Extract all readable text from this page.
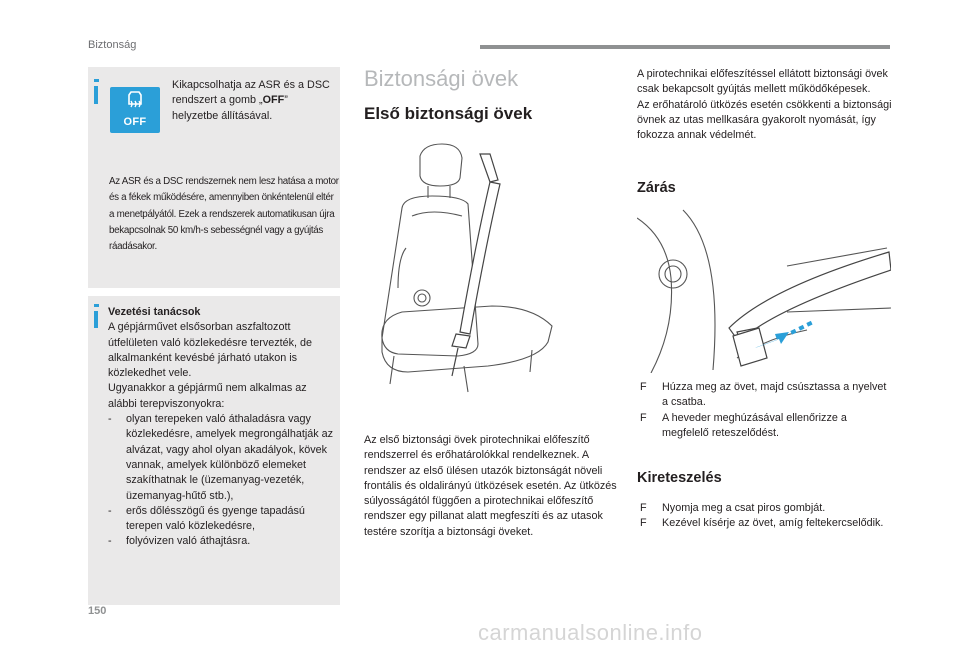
Biztonság
OFF
Kikapcsolhatja az ASR és a DSC rendszert a gomb „OFF” helyzetbe állításával.
Az ASR és a DSC rendszernek nem lesz hatása a motor és a fékek működésére, amennyiben önkéntelenül eltér a menetpályától. Ezek a rendszerek automatikusan újra bekapcsolnak 50 km/h-s sebességnél vagy a gyújtás ráadásakor.
Vezetési tanácsok
A gépjárművet elsősorban aszfaltozott útfelületen való közlekedésre tervezték, de alkalmanként kevésbé járható utakon is közlekedhet vele.
Ugyanakkor a gépjármű nem alkalmas az alábbi terepviszonyokra:
- olyan terepeken való áthaladásra vagy közlekedésre, amelyek megrongálhatják az alvázat, vagy ahol olyan akadályok, kövek vannak, amelyek különböző elemeket szakíthatnak le (üzemanyag-vezeték, üzemanyag-hűtő stb.),
- erős dőlésszögű és gyenge tapadású terepen való közlekedésre,
- folyóvizen való áthajtásra.
Biztonsági övek
Első biztonsági övek
Az első biztonsági övek pirotechnikai előfeszítő rendszerrel és erőhatárolókkal rendelkeznek. A rendszer az első ülésen utazók biztonságát növeli frontális és oldalirányú ütközések esetén. Az ütközés súlyosságától függően a pirotechnikai előfeszítő rendszer egy pillanat alatt megfeszíti és az utasok testére szorítja a biztonsági öveket.
A pirotechnikai előfeszítéssel ellátott biztonsági övek csak bekapcsolt gyújtás mellett működőképesek.
Az erőhatároló ütközés esetén csökkenti a biztonsági övnek az utas mellkasára gyakorolt nyomását, így fokozza annak védelmét.
Zárás
F Húzza meg az övet, majd csúsztassa a nyelvet a csatba.
F A heveder meghúzásával ellenőrizze a megfelelő reteszelődést.
Kireteszelés
F Nyomja meg a csat piros gombját.
F Kezével kísérje az övet, amíg feltekercselődik.
150
carmanualsonline.info
